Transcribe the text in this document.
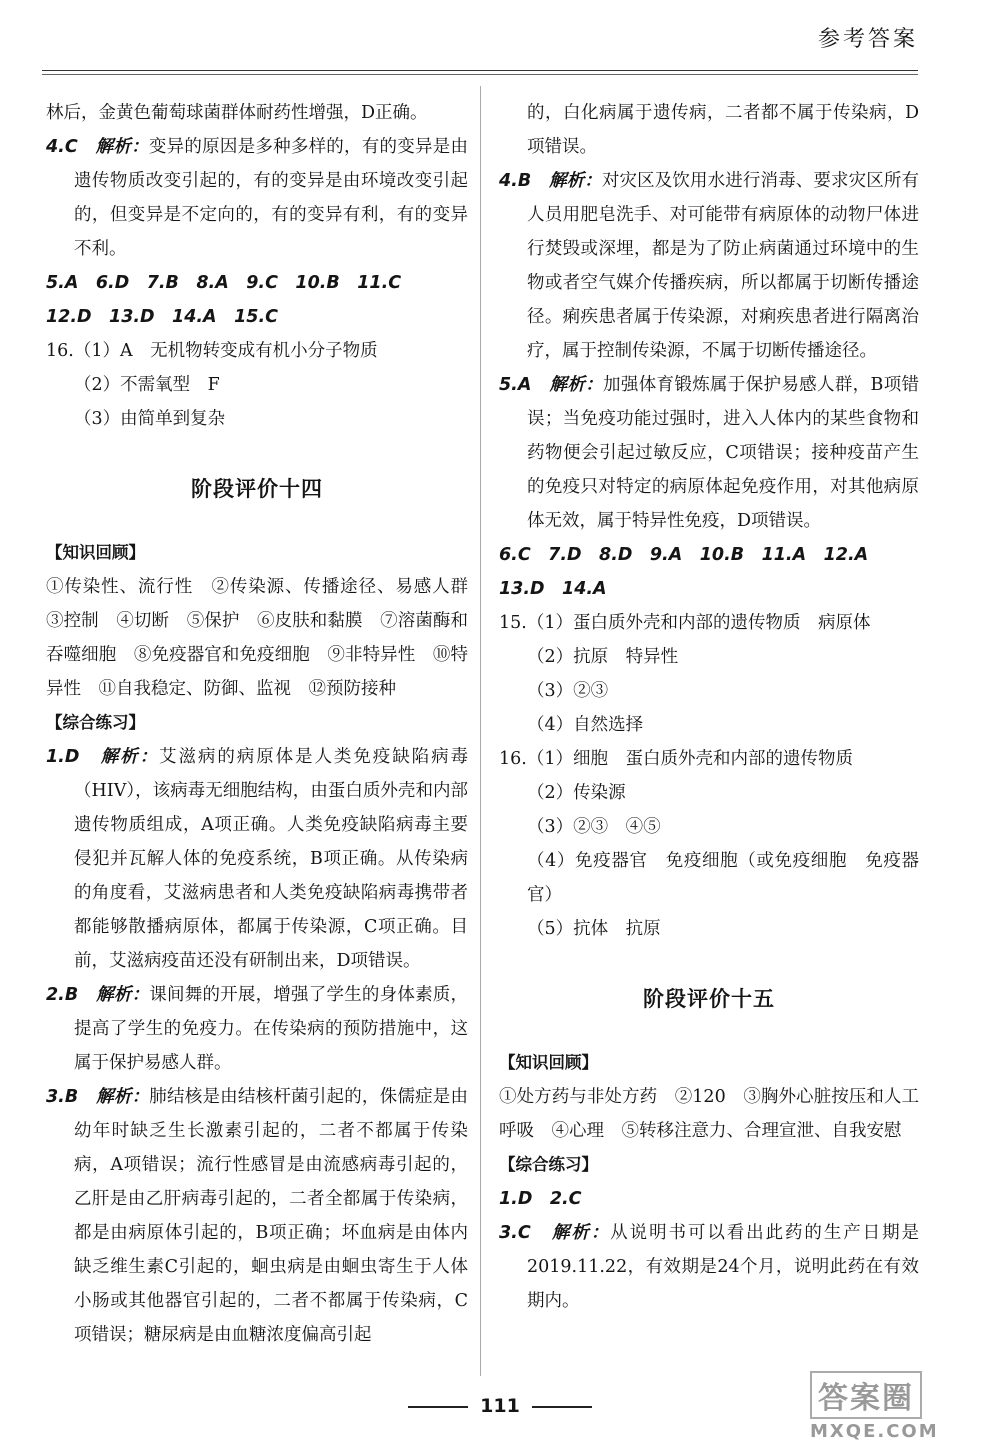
参考答案

林后，金黄色葡萄球菌群体耐药性增强，D正确。

4.C　 解析：变异的原因是多种多样的，有的变异是由遗传物质改变引起的，有的变异是由环境改变引起的，但变异是不定向的，有的变异有利，有的变异不利。

5.A　6.D　7.B　8.A　9.C　10.B　11.C

12.D　13.D　14.A　15.C

16.（1）A　无机物转变成有机小分子物质

（2）不需氧型　F

（3）由简单到复杂

阶段评价十四

【知识回顾】

①传染性、流行性　②传染源、传播途径、易感人群　③控制　④切断　⑤保护　⑥皮肤和黏膜　⑦溶菌酶和吞噬细胞　⑧免疫器官和免疫细胞　⑨非特异性　⑩特异性　⑪自我稳定、防御、监视　⑫预防接种

【综合练习】

1.D　 解析：艾滋病的病原体是人类免疫缺陷病毒（HIV），该病毒无细胞结构，由蛋白质外壳和内部遗传物质组成，A项正确。人类免疫缺陷病毒主要侵犯并瓦解人体的免疫系统，B项正确。从传染病的角度看，艾滋病患者和人类免疫缺陷病毒携带者都能够散播病原体，都属于传染源，C项正确。目前，艾滋病疫苗还没有研制出来，D项错误。

2.B　 解析：课间舞的开展，增强了学生的身体素质，提高了学生的免疫力。在传染病的预防措施中，这属于保护易感人群。

3.B　 解析：肺结核是由结核杆菌引起的，侏儒症是由幼年时缺乏生长激素引起的，二者不都属于传染病，A项错误；流行性感冒是由流感病毒引起的，乙肝是由乙肝病毒引起的，二者全都属于传染病，都是由病原体引起的，B项正确；坏血病是由体内缺乏维生素C引起的，蛔虫病是由蛔虫寄生于人体小肠或其他器官引起的，二者不都属于传染病，C项错误；糖尿病是由血糖浓度偏高引起

的，白化病属于遗传病，二者都不属于传染病，D项错误。

4.B　 解析：对灾区及饮用水进行消毒、要求灾区所有人员用肥皂洗手、对可能带有病原体的动物尸体进行焚毁或深埋，都是为了防止病菌通过环境中的生物或者空气媒介传播疾病，所以都属于切断传播途径。痢疾患者属于传染源，对痢疾患者进行隔离治疗，属于控制传染源，不属于切断传播途径。

5.A　 解析：加强体育锻炼属于保护易感人群，B项错误；当免疫功能过强时，进入人体内的某些食物和药物便会引起过敏反应，C项错误；接种疫苗产生的免疫只对特定的病原体起免疫作用，对其他病原体无效，属于特异性免疫，D项错误。

6.C　7.D　8.D　9.A　10.B　11.A　12.A

13.D　14.A

15.（1）蛋白质外壳和内部的遗传物质　病原体

（2）抗原　特异性

（3）②③

（4）自然选择

16.（1）细胞　蛋白质外壳和内部的遗传物质

（2）传染源

（3）②③　④⑤

（4）免疫器官　免疫细胞（或免疫细胞　免疫器官）

（5）抗体　抗原

阶段评价十五

【知识回顾】

①处方药与非处方药　②120　③胸外心脏按压和人工呼吸　④心理　⑤转移注意力、合理宣泄、自我安慰

【综合练习】

1.D　2.C

3.C　 解析：从说明书可以看出此药的生产日期是2019.11.22，有效期是24个月，说明此药在有效期内。

111	答案圈
MXQE.COM
